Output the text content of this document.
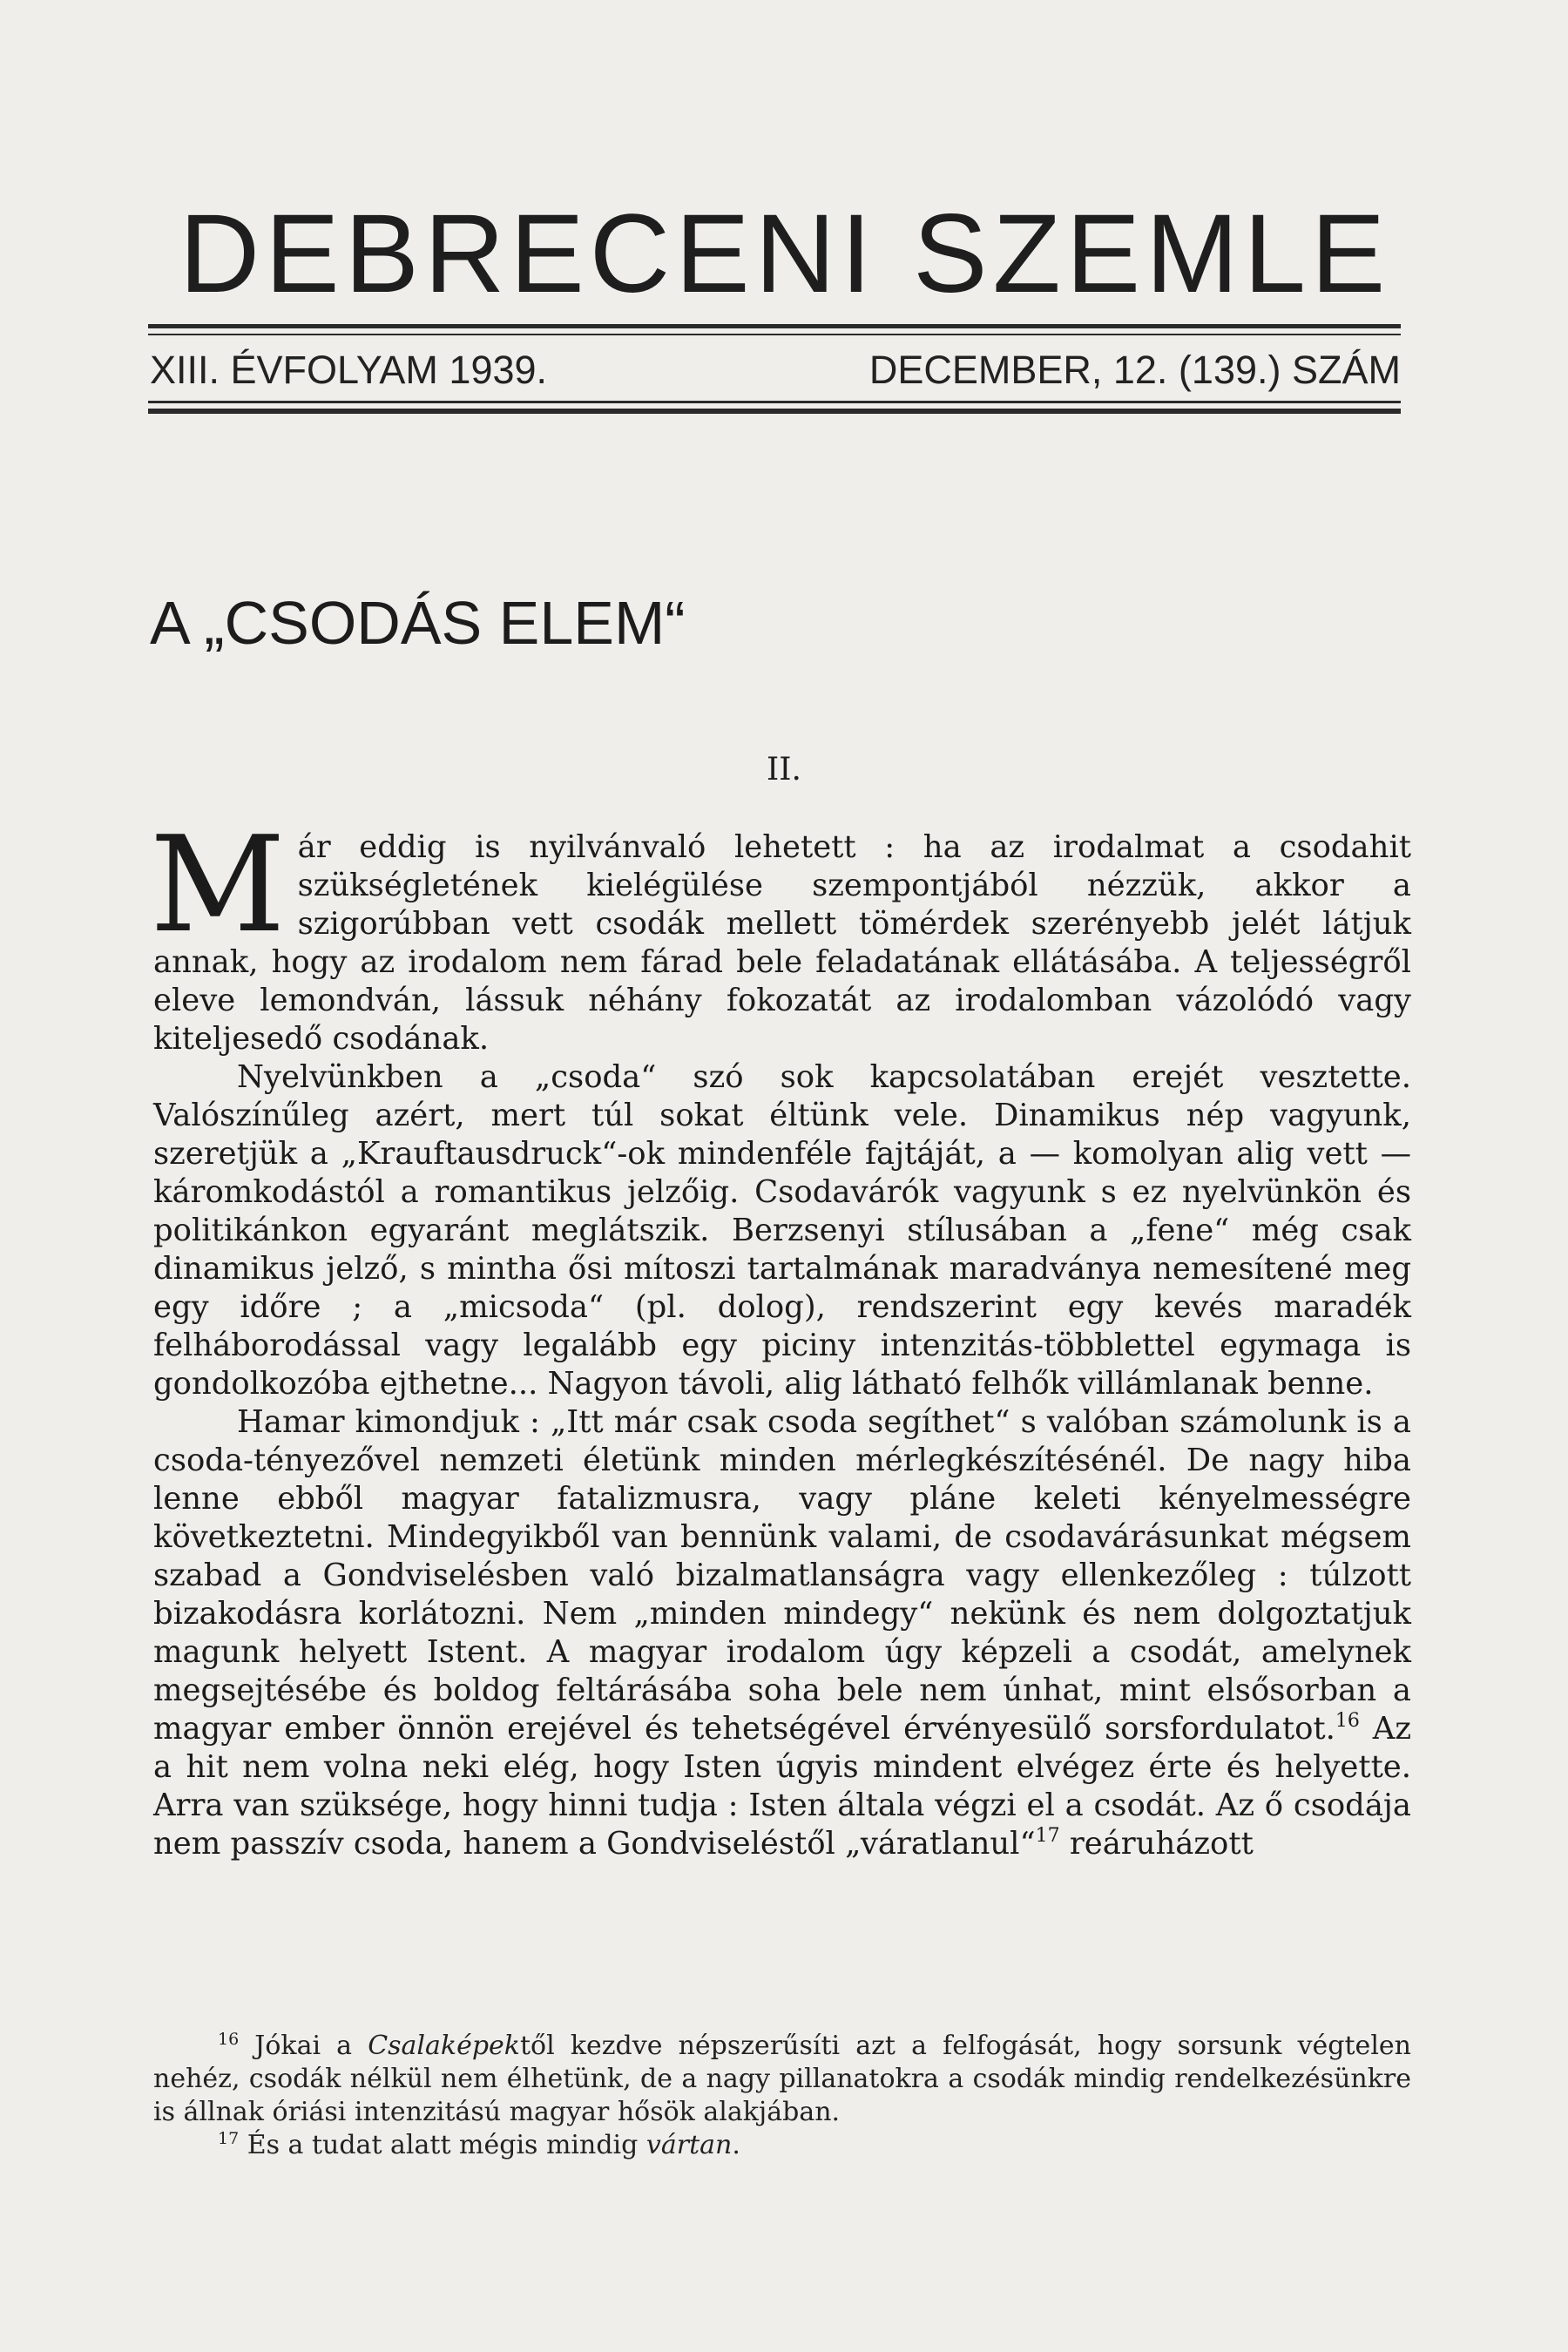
DEBRECENI SZEMLE
XIII. ÉVFOLYAM 1939.	DECEMBER, 12. (139.) SZÁM
A „CSODÁS ELEM“
II.

Már eddig is nyilvánvaló lehetett : ha az irodalmat a csodahit szükségletének kielégülése szempontjából nézzük, akkor a szigorúbban vett csodák mellett tömérdek szerényebb jelét látjuk annak, hogy az irodalom nem fárad bele feladatának ellátásába. A teljességről eleve lemondván, lássuk néhány fokozatát az irodalomban vázolódó vagy kiteljesedő csodának.

Nyelvünkben a „csoda“ szó sok kapcsolatában erejét vesztette. Valószínűleg azért, mert túl sokat éltünk vele. Dinamikus nép vagyunk, szeretjük a „Krauftausdruck“-ok mindenféle fajtáját, a — komolyan alig vett — káromkodástól a romantikus jelzőig. Csodavárók vagyunk s ez nyelvünkön és politikánkon egyaránt meglátszik. Berzsenyi stílusában a „fene“ még csak dinamikus jelző, s mintha ősi mítoszi tartalmának maradványa nemesítené meg egy időre ; a „micsoda“ (pl. dolog), rendszerint egy kevés maradék felháborodással vagy legalább egy piciny intenzitás-többlettel egymaga is gondolkozóba ejthetne... Nagyon távoli, alig látható felhők villámlanak benne.

Hamar kimondjuk : „Itt már csak csoda segíthet“ s valóban számolunk is a csoda-tényezővel nemzeti életünk minden mérlegkészítésénél. De nagy hiba lenne ebből magyar fatalizmusra, vagy pláne keleti kényelmességre következtetni. Mindegyikből van bennünk valami, de csodavárásunkat mégsem szabad a Gondviselésben való bizalmatlanságra vagy ellenkezőleg : túlzott bizakodásra korlátozni. Nem „minden mindegy“ nekünk és nem dolgoztatjuk magunk helyett Istent. A magyar irodalom úgy képzeli a csodát, amelynek megsejtésébe és boldog feltárásába soha bele nem únhat, mint elsősorban a magyar ember önnön erejével és tehetségével érvényesülő sorsfordulatot.$^{16}$ Az a hit nem volna neki elég, hogy Isten úgyis mindent elvégez érte és helyette. Arra van szüksége, hogy hinni tudja : Isten általa végzi el a csodát. Az ő csodája nem passzív csoda, hanem a Gondviseléstől „váratlanul“$^{17}$ reáruházott

$^{16}$ Jókai a Csalaképektől kezdve népszerűsíti azt a felfogását, hogy sorsunk végtelen nehéz, csodák nélkül nem élhetünk, de a nagy pillanatokra a csodák mindig rendelkezésünkre is állnak óriási intenzitású magyar hősök alakjában.

$^{17}$ És a tudat alatt mégis mindig vártan.
